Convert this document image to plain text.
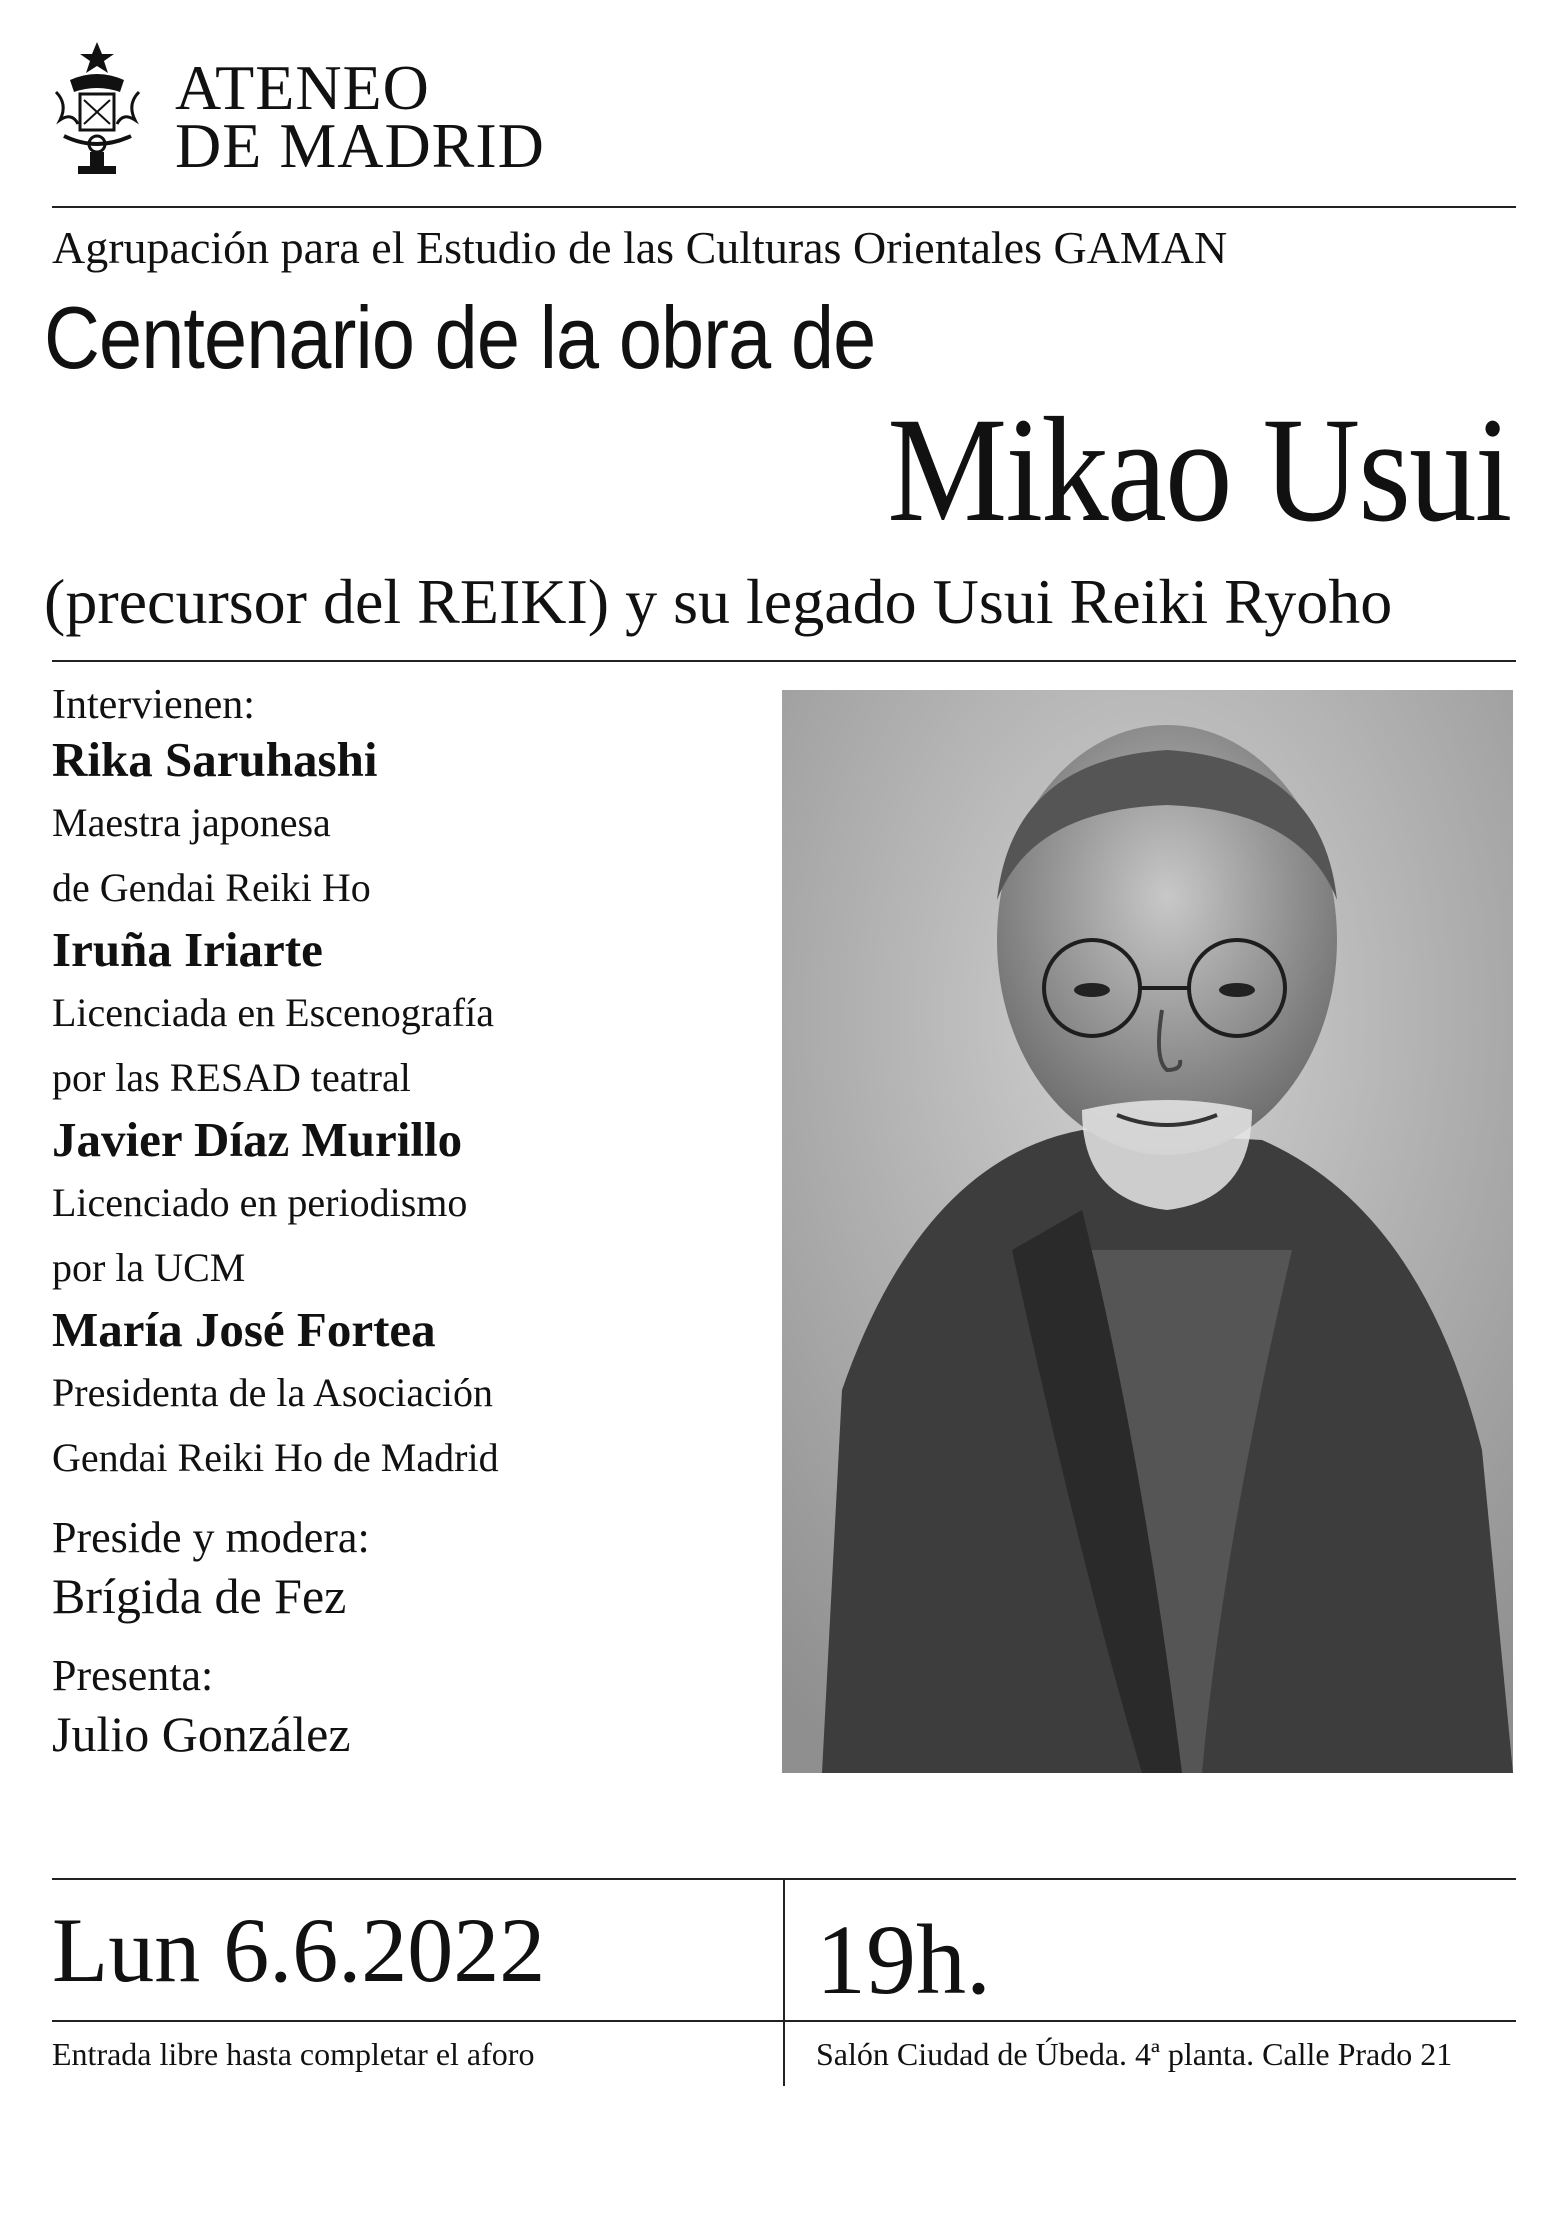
ATENEO
DE MADRID
Agrupación para el Estudio de las Culturas Orientales GAMAN
Centenario de la obra de
Mikao Usui
(precursor del REIKI) y su legado Usui Reiki Ryoho
Intervienen:
Rika Saruhashi
Maestra japonesa
de Gendai Reiki Ho
Iruña Iriarte
Licenciada en Escenografía
por las RESAD teatral
Javier Díaz Murillo
Licenciado en periodismo
por la UCM
María José Fortea
Presidenta de la Asociación
Gendai Reiki Ho de Madrid
Preside y modera:
Brígida de Fez
Presenta:
Julio González
Lun 6.6.2022	19h.
Entrada libre hasta completar el aforo	Salón Ciudad de Úbeda. 4ª planta. Calle Prado 21
